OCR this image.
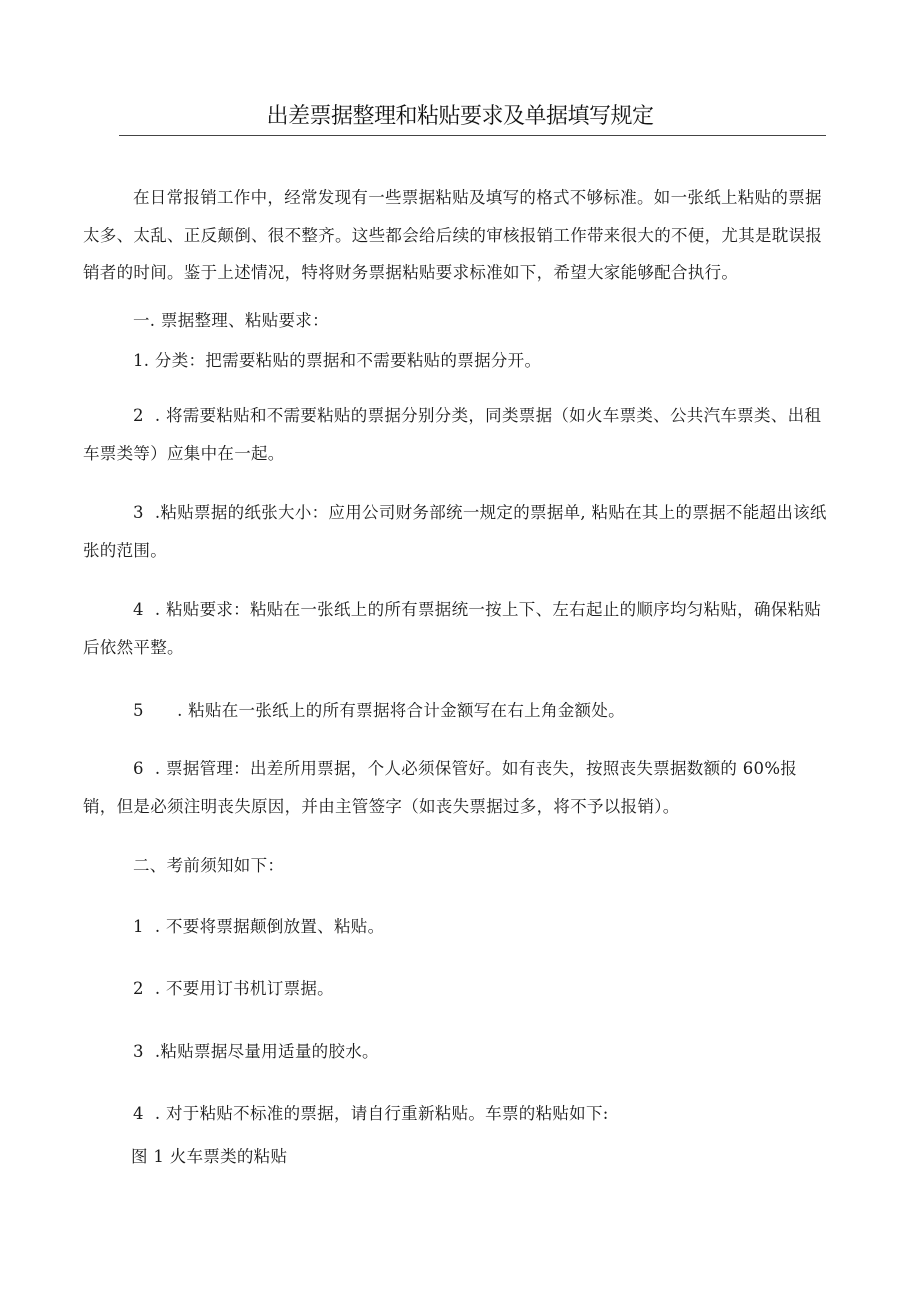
出差票据整理和粘贴要求及单据填写规定

在日常报销工作中，经常发现有一些票据粘贴及填写的格式不够标准。如一张纸上粘贴的票据太多、太乱、正反颠倒、很不整齐。这些都会给后续的审核报销工作带来很大的不便，尤其是耽误报销者的时间。鉴于上述情况，特将财务票据粘贴要求标准如下，希望大家能够配合执行。

一. 票据整理、粘贴要求：

1. 分类：把需要粘贴的票据和不需要粘贴的票据分开。

2  . 将需要粘贴和不需要粘贴的票据分别分类，同类票据（如火车票类、公共汽车票类、出租车票类等）应集中在一起。

3  .粘贴票据的纸张大小：应用公司财务部统一规定的票据单, 粘贴在其上的票据不能超出该纸张的范围。

4  . 粘贴要求：粘贴在一张纸上的所有票据统一按上下、左右起止的顺序均匀粘贴，确保粘贴后依然平整。

5      . 粘贴在一张纸上的所有票据将合计金额写在右上角金额处。

6  . 票据管理：出差所用票据，个人必须保管好。如有丧失，按照丧失票据数额的 60%报销，但是必须注明丧失原因，并由主管签字（如丧失票据过多，将不予以报销）。

二、考前须知如下：

1  . 不要将票据颠倒放置、粘贴。

2  . 不要用订书机订票据。

3  .粘贴票据尽量用适量的胶水。

4  . 对于粘贴不标准的票据，请自行重新粘贴。车票的粘贴如下:

图 1 火车票类的粘贴
